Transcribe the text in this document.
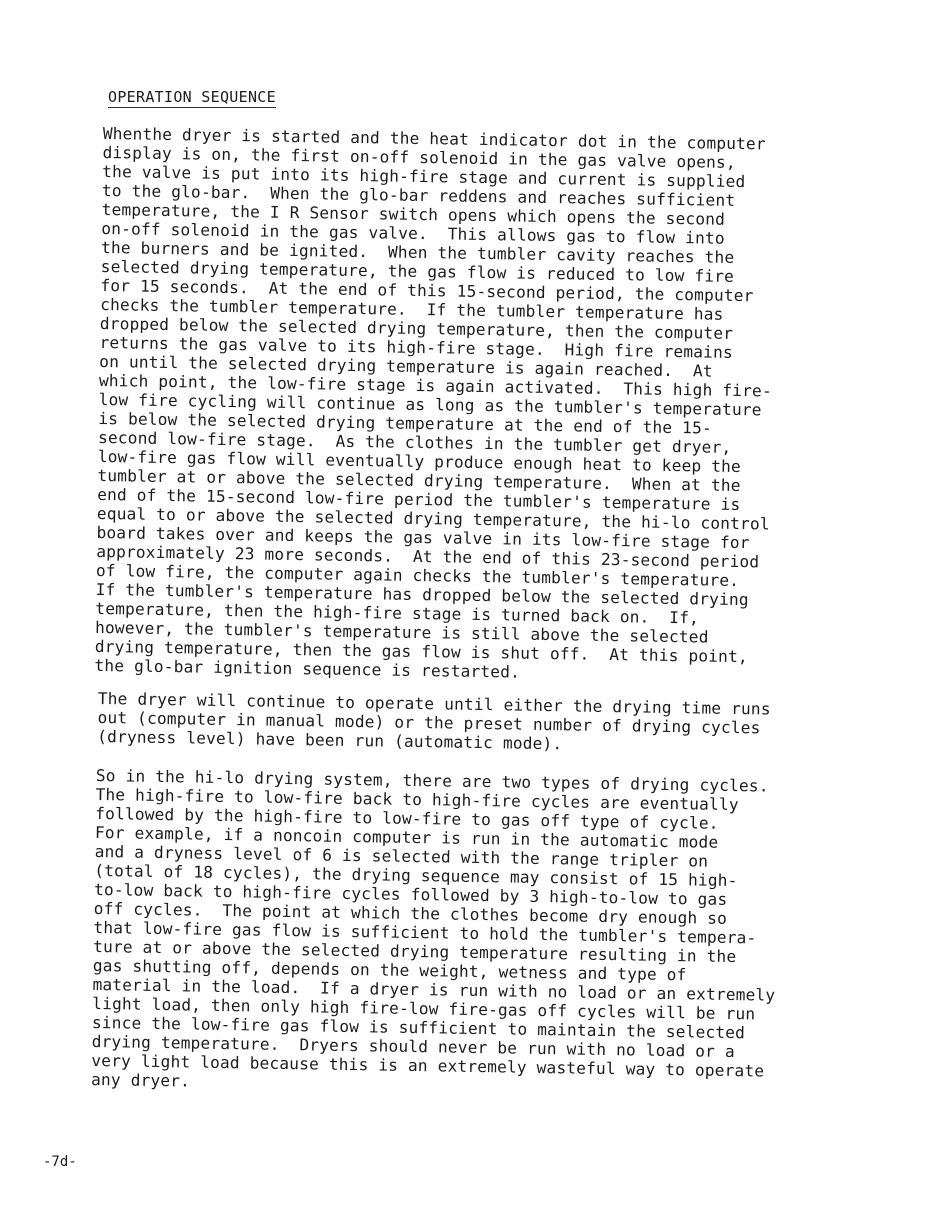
OPERATION SEQUENCE

Whenthe dryer is started and the heat indicator dot in the computer
display is on, the first on-off solenoid in the gas valve opens,
the valve is put into its high-fire stage and current is supplied
to the glo-bar.  When the glo-bar reddens and reaches sufficient
temperature, the I R Sensor switch opens which opens the second
on-off solenoid in the gas valve.  This allows gas to flow into
the burners and be ignited.  When the tumbler cavity reaches the
selected drying temperature, the gas flow is reduced to low fire
for 15 seconds.  At the end of this 15-second period, the computer
checks the tumbler temperature.  If the tumbler temperature has
dropped below the selected drying temperature, then the computer
returns the gas valve to its high-fire stage.  High fire remains
on until the selected drying temperature is again reached.  At
which point, the low-fire stage is again activated.  This high fire-
low fire cycling will continue as long as the tumbler's temperature
is below the selected drying temperature at the end of the 15-
second low-fire stage.  As the clothes in the tumbler get dryer,
low-fire gas flow will eventually produce enough heat to keep the
tumbler at or above the selected drying temperature.  When at the
end of the 15-second low-fire period the tumbler's temperature is
equal to or above the selected drying temperature, the hi-lo control
board takes over and keeps the gas valve in its low-fire stage for
approximately 23 more seconds.  At the end of this 23-second period
of low fire, the computer again checks the tumbler's temperature.
If the tumbler's temperature has dropped below the selected drying
temperature, then the high-fire stage is turned back on.  If,
however, the tumbler's temperature is still above the selected
drying temperature, then the gas flow is shut off.  At this point,
the glo-bar ignition sequence is restarted.

The dryer will continue to operate until either the drying time runs
out (computer in manual mode) or the preset number of drying cycles
(dryness level) have been run (automatic mode).

So in the hi-lo drying system, there are two types of drying cycles.
The high-fire to low-fire back to high-fire cycles are eventually
followed by the high-fire to low-fire to gas off type of cycle.
For example, if a noncoin computer is run in the automatic mode
and a dryness level of 6 is selected with the range tripler on
(total of 18 cycles), the drying sequence may consist of 15 high-
to-low back to high-fire cycles followed by 3 high-to-low to gas
off cycles.  The point at which the clothes become dry enough so
that low-fire gas flow is sufficient to hold the tumbler's tempera-
ture at or above the selected drying temperature resulting in the
gas shutting off, depends on the weight, wetness and type of
material in the load.  If a dryer is run with no load or an extremely
light load, then only high fire-low fire-gas off cycles will be run
since the low-fire gas flow is sufficient to maintain the selected
drying temperature.  Dryers should never be run with no load or a
very light load because this is an extremely wasteful way to operate
any dryer.

-7d-
